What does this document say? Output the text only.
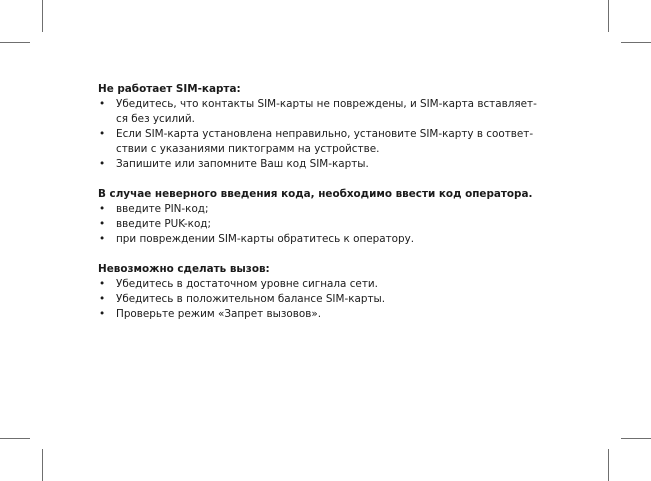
Не работает SIM-карта:

• Убедитесь, что контакты SIM-карты не повреждены, и SIM-карта вставляет-
ся без усилий.
• Если SIM-карта установлена неправильно, установите SIM-карту в соответ-
ствии с указаниями пиктограмм на устройстве.
• Запишите или запомните Ваш код SIM-карты.

В случае неверного введения кода, необходимо ввести код оператора.

• введите PIN-код;
• введите PUK-код;
• при повреждении SIM-карты обратитесь к оператору.

Невозможно сделать вызов:

• Убедитесь в достаточном уровне сигнала сети.
• Убедитесь в положительном балансе SIM-карты.
• Проверьте режим «Запрет вызовов».
